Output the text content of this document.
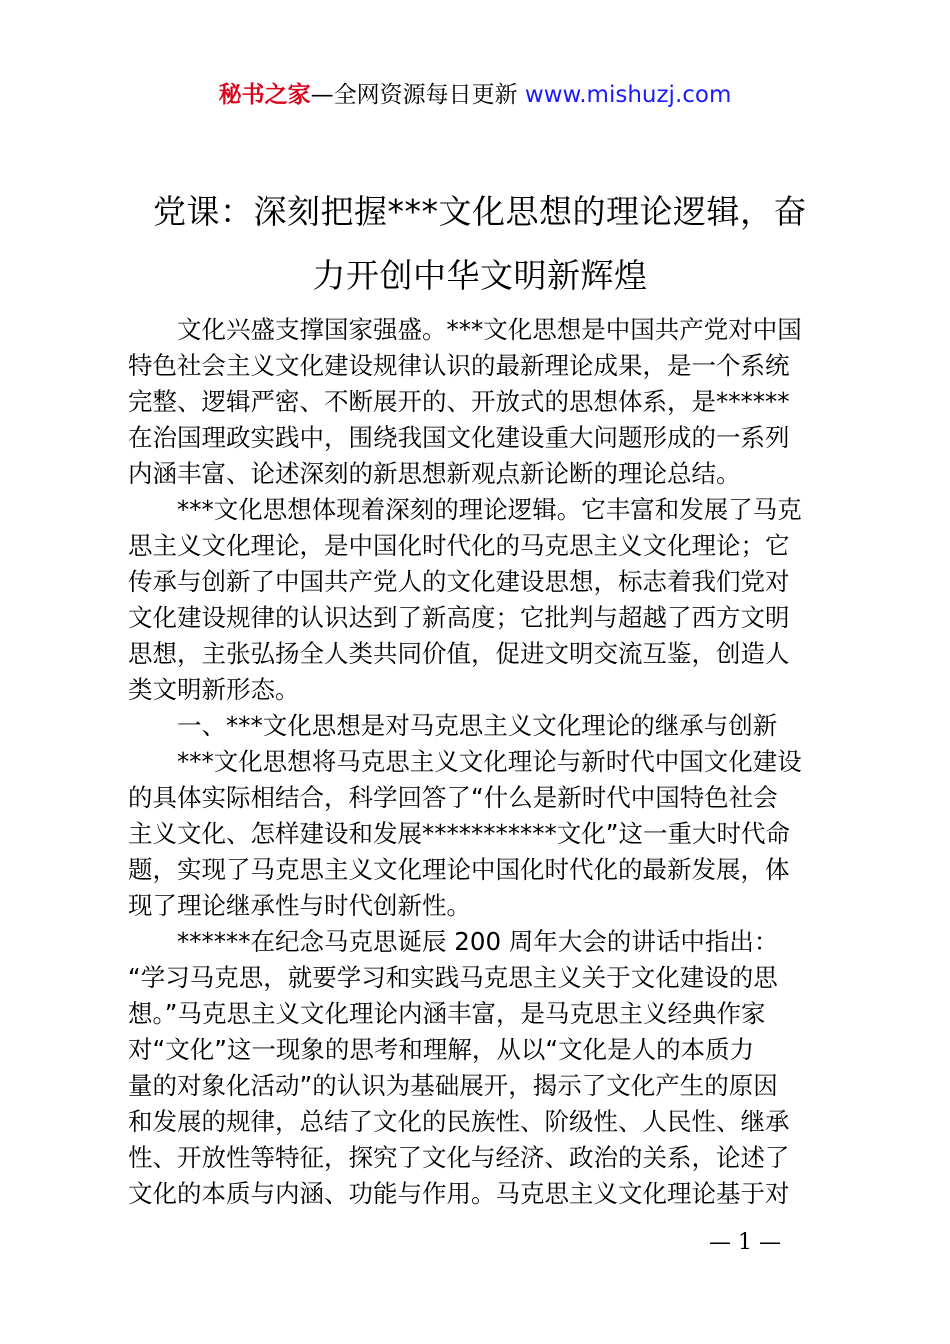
秘书之家—全网资源每日更新 www.mishuzj.com
党课：深刻把握***文化思想的理论逻辑，奋
力开创中华文明新辉煌

文化兴盛支撑国家强盛。***文化思想是中国共产党对中国
特色社会主义文化建设规律认识的最新理论成果，是一个系统
完整、逻辑严密、不断展开的、开放式的思想体系，是******
在治国理政实践中，围绕我国文化建设重大问题形成的一系列
内涵丰富、论述深刻的新思想新观点新论断的理论总结。

***文化思想体现着深刻的理论逻辑。它丰富和发展了马克
思主义文化理论，是中国化时代化的马克思主义文化理论；它
传承与创新了中国共产党人的文化建设思想，标志着我们党对
文化建设规律的认识达到了新高度；它批判与超越了西方文明
思想，主张弘扬全人类共同价值，促进文明交流互鉴，创造人
类文明新形态。

一、***文化思想是对马克思主义文化理论的继承与创新

***文化思想将马克思主义文化理论与新时代中国文化建设
的具体实际相结合，科学回答了“什么是新时代中国特色社会
主义文化、怎样建设和发展***********文化”这一重大时代命
题，实现了马克思主义文化理论中国化时代化的最新发展，体
现了理论继承性与时代创新性。

******在纪念马克思诞辰 200 周年大会的讲话中指出：
“学习马克思，就要学习和实践马克思主义关于文化建设的思
想。”马克思主义文化理论内涵丰富，是马克思主义经典作家
对“文化”这一现象的思考和理解，从以“文化是人的本质力
量的对象化活动”的认识为基础展开，揭示了文化产生的原因
和发展的规律，总结了文化的民族性、阶级性、人民性、继承
性、开放性等特征，探究了文化与经济、政治的关系，论述了
文化的本质与内涵、功能与作用。马克思主义文化理论基于对

— 1 —
